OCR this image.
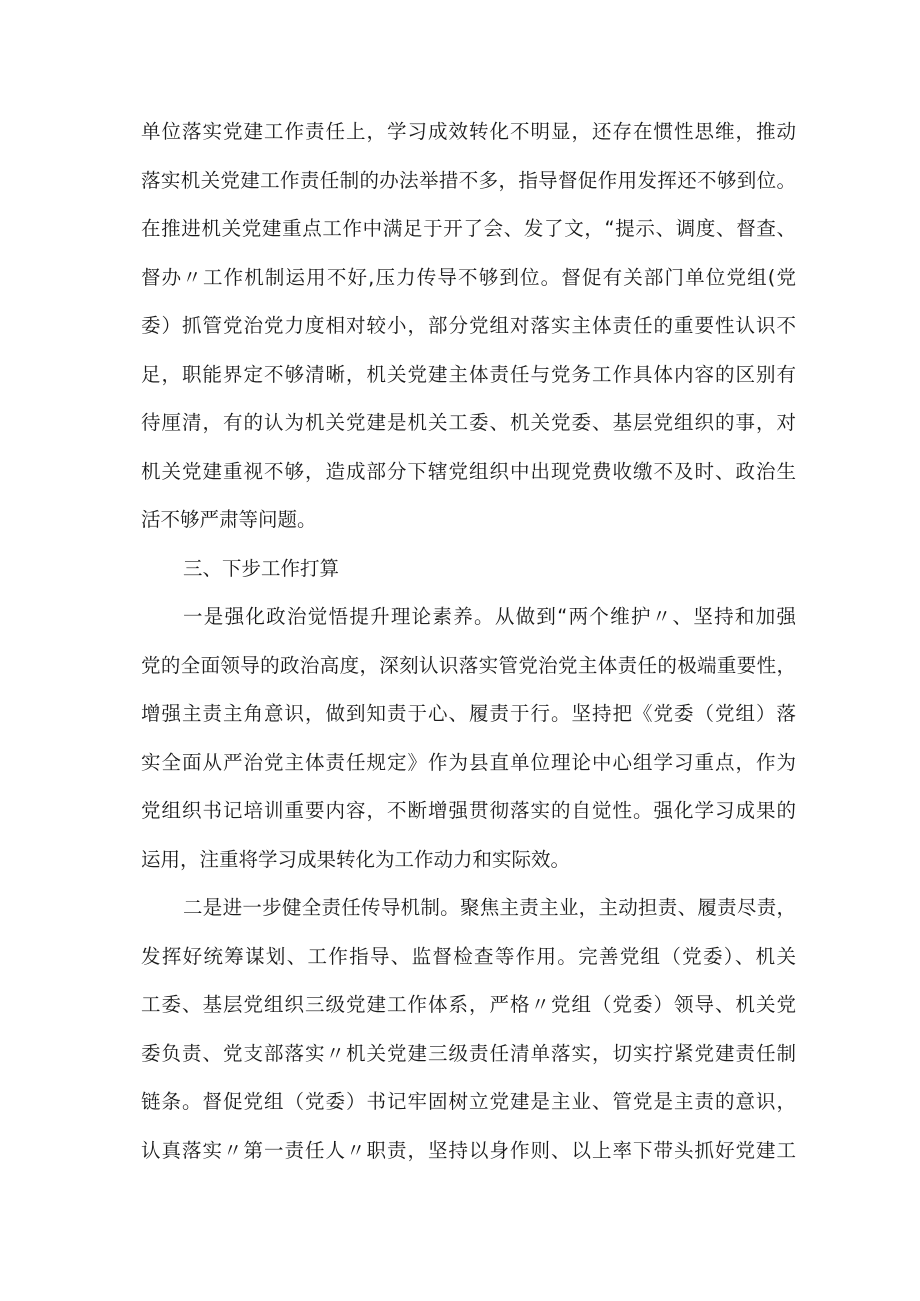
单位落实党建工作责任上，学习成效转化不明显，还存在惯性思维，推动
落实机关党建工作责任制的办法举措不多，指导督促作用发挥还不够到位。
在推进机关党建重点工作中满足于开了会、发了文，“提示、调度、督查、
督办〃工作机制运用不好,压力传导不够到位。督促有关部门单位党组(党
委）抓管党治党力度相对较小，部分党组对落实主体责任的重要性认识不
足，职能界定不够清晰，机关党建主体责任与党务工作具体内容的区别有
待厘清，有的认为机关党建是机关工委、机关党委、基层党组织的事，对
机关党建重视不够，造成部分下辖党组织中出现党费收缴不及时、政治生
活不够严肃等问题。
三、下步工作打算
一是强化政治觉悟提升理论素养。从做到“两个维护〃、坚持和加强
党的全面领导的政治高度，深刻认识落实管党治党主体责任的极端重要性，
增强主责主角意识，做到知责于心、履责于行。坚持把《党委（党组）落
实全面从严治党主体责任规定》作为县直单位理论中心组学习重点，作为
党组织书记培训重要内容，不断增强贯彻落实的自觉性。强化学习成果的
运用，注重将学习成果转化为工作动力和实际效。
二是进一步健全责任传导机制。聚焦主责主业，主动担责、履责尽责，
发挥好统筹谋划、工作指导、监督检查等作用。完善党组（党委）、机关
工委、基层党组织三级党建工作体系，严格〃党组（党委）领导、机关党
委负责、党支部落实〃机关党建三级责任清单落实，切实拧紧党建责任制
链条。督促党组（党委）书记牢固树立党建是主业、管党是主责的意识，
认真落实〃第一责任人〃职责，坚持以身作则、以上率下带头抓好党建工
